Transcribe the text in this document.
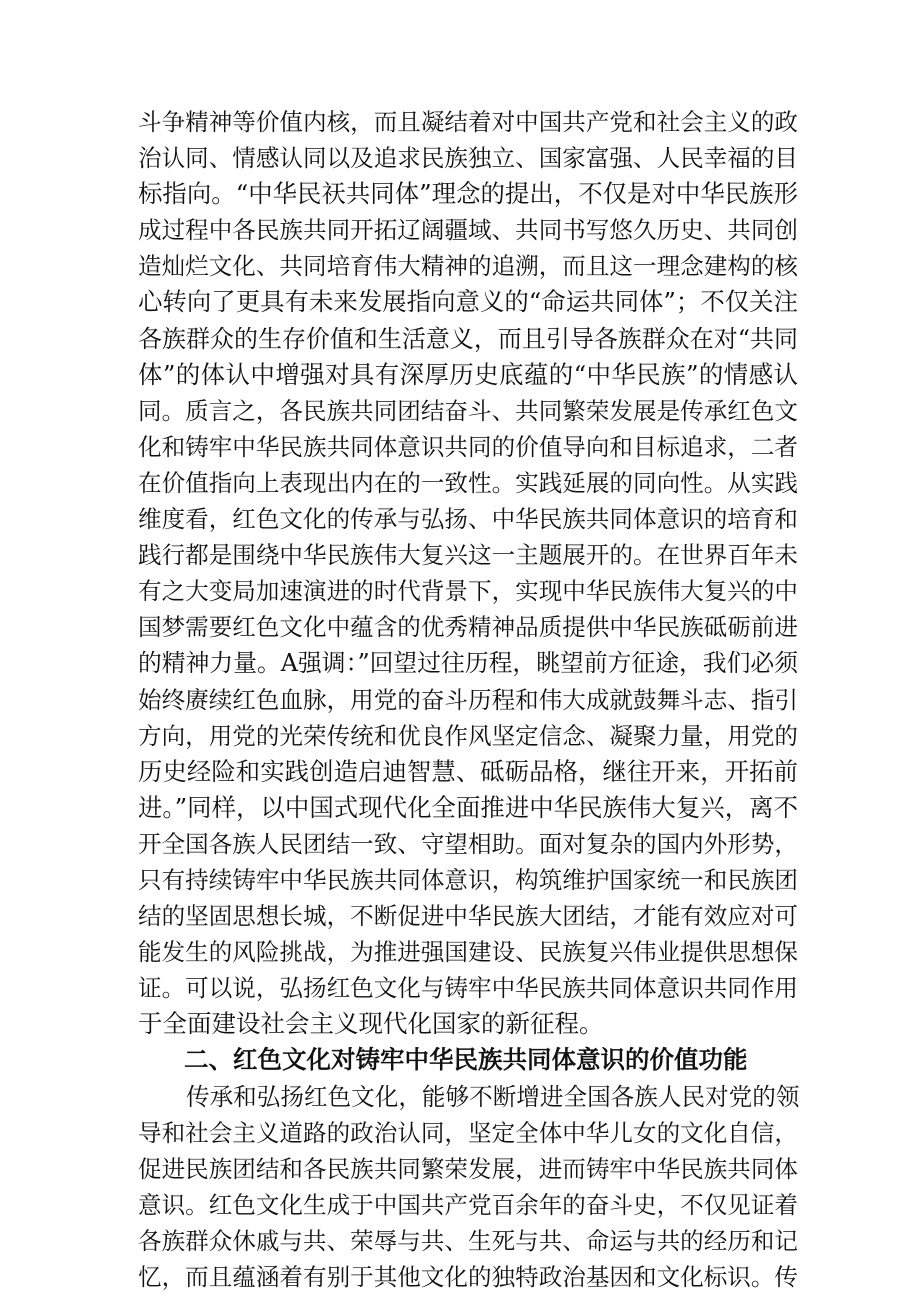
斗争精神等价值内核，而且凝结着对中国共产党和社会主义的政
治认同、情感认同以及追求民族独立、国家富强、人民幸福的目
标指向。“中华民祆共同体”理念的提出，不仅是对中华民族形
成过程中各民族共同开拓辽阔疆域、共同书写悠久历史、共同创
造灿烂文化、共同培育伟大精神的追溯，而且这一理念建构的核
心转向了更具有未来发展指向意义的“命运共同体”；不仅关注
各族群众的生存价值和生活意义，而且引导各族群众在对“共同
体”的体认中增强对具有深厚历史底蕴的“中华民族”的情感认
同。质言之，各民族共同团结奋斗、共同繁荣发展是传承红色文
化和铸牢中华民族共同体意识共同的价值导向和目标追求，二者
在价值指向上表现出内在的一致性。实践延展的同向性。从实践
维度看，红色文化的传承与弘扬、中华民族共同体意识的培育和
践行都是围绕中华民族伟大复兴这一主题展开的。在世界百年未
有之大变局加速演进的时代背景下，实现中华民族伟大复兴的中
国梦需要红色文化中蕴含的优秀精神品质提供中华民族砥砺前进
的精神力量。A强调：”回望过往历程，眺望前方征途，我们必须
始终赓续红色血脉，用党的奋斗历程和伟大成就鼓舞斗志、指引
方向，用党的光荣传统和优良作风坚定信念、凝聚力量，用党的
历史经险和实践创造启迪智慧、砥砺品格，继往开来，开拓前
进。”同样，以中国式现代化全面推进中华民族伟大复兴，离不
开全国各族人民团结一致、守望相助。面对复杂的国内外形势，
只有持续铸牢中华民族共同体意识，构筑维护国家统一和民族团
结的坚固思想长城，不断促进中华民族大团结，才能有效应对可
能发生的风险挑战，为推进强国建设、民族复兴伟业提供思想保
证。可以说，弘扬红色文化与铸牢中华民族共同体意识共同作用
于全面建设社会主义现代化国家的新征程。
二、红色文化对铸牢中华民族共同体意识的价值功能
传承和弘扬红色文化，能够不断增进全国各族人民对党的领
导和社会主义道路的政治认同，坚定全体中华儿女的文化自信，
促进民族团结和各民族共同繁荣发展，进而铸牢中华民族共同体
意识。红色文化生成于中国共产党百余年的奋斗史，不仅见证着
各族群众休戚与共、荣辱与共、生死与共、命运与共的经历和记
忆，而且蕴涵着有别于其他文化的独特政治基因和文化标识。传
